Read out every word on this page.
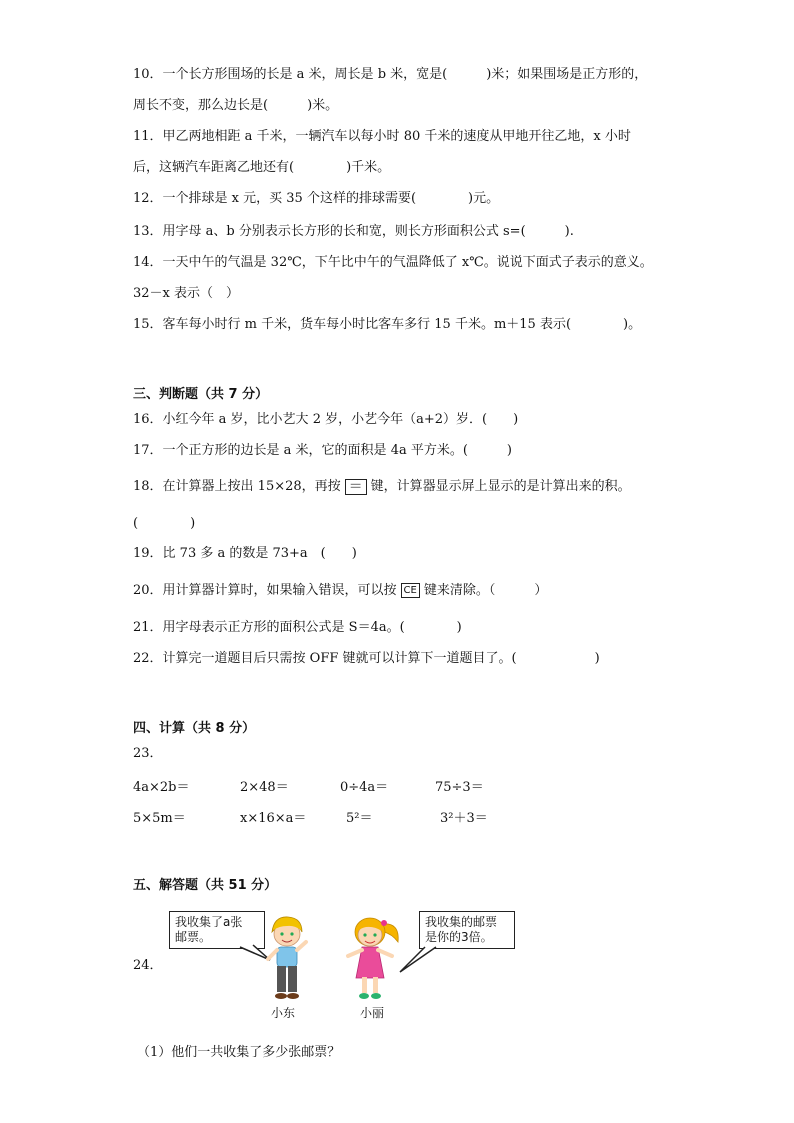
10．一个长方形围场的长是 a 米，周长是 b 米，宽是(　　　)米；如果围场是正方形的，
周长不变，那么边长是(　　　)米。
11．甲乙两地相距 a 千米，一辆汽车以每小时 80 千米的速度从甲地开往乙地，x 小时
后，这辆汽车距离乙地还有(　　　　)千米。
12．一个排球是 x 元，买 35 个这样的排球需要(　　　　)元。
13．用字母 a、b 分别表示长方形的长和宽，则长方形面积公式 s=(　　　).
14．一天中午的气温是 32℃，下午比中午的气温降低了 x℃。说说下面式子表示的意义。
32－x 表示（　）
15．客车每小时行 m 千米，货车每小时比客车多行 15 千米。m＋15 表示(　　　　)。
三、判断题（共 7 分）
16．小红今年 a 岁，比小艺大 2 岁，小艺今年（a+2）岁．(　　)
17．一个正方形的边长是 a 米，它的面积是 4a 平方米。(　　　)
18．在计算器上按出 15×28，再按 ＝ 键，计算器显示屏上显示的是计算出来的积。
(　　　　)
19．比 73 多 a 的数是 73+a　(　　)
20．用计算器计算时，如果输入错误，可以按 CE 键来清除。（　　　）
21．用字母表示正方形的面积公式是 S＝4a。(　　　　)
22．计算完一道题目后只需按 OFF 键就可以计算下一道题目了。(　　　　　　)
四、计算（共 8 分）
23．
4a×2b＝	2×48＝	0÷4a＝	75÷3＝
5×5m＝	x×16×a＝	5²＝	3²＋3＝
五、解答题（共 51 分）
24．
我收集了a张
邮票。
我收集的邮票
是你的3倍。
小东	小丽
（1）他们一共收集了多少张邮票？
